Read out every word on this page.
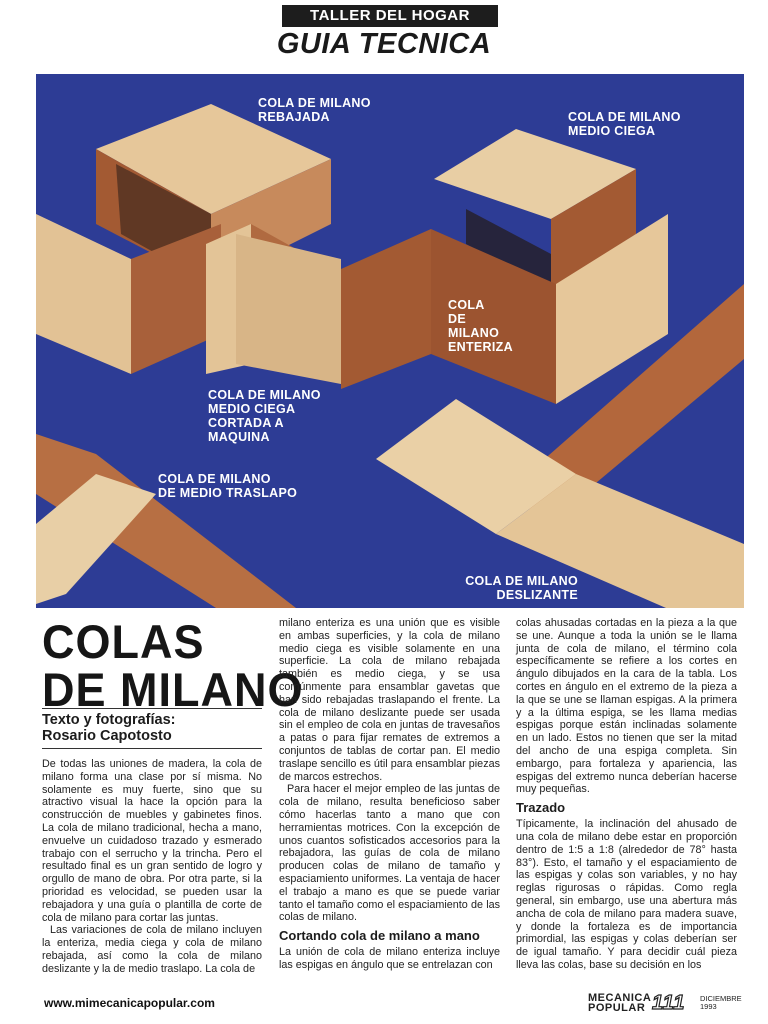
TALLER DEL HOGAR
GUIA TECNICA
COLA DE MILANO
REBAJADA	COLA DE MILANO
MEDIO CIEGA
COLA
DE
MILANO
ENTERIZA
COLA DE MILANO
MEDIO CIEGA
CORTADA A
MAQUINA
COLA DE MILANO
DE MEDIO TRASLAPO
COLA DE MILANO
DESLIZANTE
COLAS
DE MILANO
Texto y fotografías:
Rosario Capotosto

De todas las uniones de madera, la cola de milano forma una clase por sí misma. No solamente es muy fuerte, sino que su atractivo visual la hace la opción para la construcción de muebles y gabinetes finos. La cola de milano tradicional, hecha a mano, envuelve un cuidadoso trazado y esmerado trabajo con el serrucho y la trincha. Pero el resultado final es un gran sentido de logro y orgullo de mano de obra. Por otra parte, si la prioridad es velocidad, se pueden usar la rebajadora y una guía o plantilla de corte de cola de milano para cortar las juntas.

Las variaciones de cola de milano incluyen la enteriza, media ciega y cola de milano rebajada, así como la cola de milano deslizante y la de medio traslapo. La cola de

milano enteriza es una unión que es visible en ambas superficies, y la cola de milano medio ciega es visible solamente en una superficie. La cola de milano rebajada también es medio ciega, y se usa comúnmente para ensamblar gavetas que han sido rebajadas traslapando el frente. La cola de milano deslizante puede ser usada sin el empleo de cola en juntas de travesaños a patas o para fijar remates de extremos a conjuntos de tablas de cortar pan. El medio traslape sencillo es útil para ensamblar piezas de marcos estrechos.

Para hacer el mejor empleo de las juntas de cola de milano, resulta beneficioso saber cómo hacerlas tanto a mano que con herramientas motrices. Con la excepción de unos cuantos sofisticados accesorios para la rebajadora, las guías de cola de milano producen colas de milano de tamaño y espaciamiento uniformes. La ventaja de hacer el trabajo a mano es que se puede variar tanto el tamaño como el espaciamiento de las colas de milano.

Cortando cola de milano a mano

La unión de cola de milano enteriza incluye las espigas en ángulo que se entrelazan con

colas ahusadas cortadas en la pieza a la que se une. Aunque a toda la unión se le llama junta de cola de milano, el término cola específicamente se refiere a los cortes en ángulo dibujados en la cara de la tabla. Los cortes en ángulo en el extremo de la pieza a la que se une se llaman espigas. A la primera y a la última espiga, se les llama medias espigas porque están inclinadas solamente en un lado. Estos no tienen que ser la mitad del ancho de una espiga completa. Sin embargo, para fortaleza y apariencia, las espigas del extremo nunca deberían hacerse muy pequeñas.

Trazado

Típicamente, la inclinación del ahusado de una cola de milano debe estar en proporción dentro de 1:5 a 1:8 (alrededor de 78° hasta 83°). Esto, el tamaño y el espaciamiento de las espigas y colas son variables, y no hay reglas rigurosas o rápidas. Como regla general, sin embargo, use una abertura más ancha de cola de milano para madera suave, y donde la fortaleza es de importancia primordial, las espigas y colas deberían ser de igual tamaño. Y para decidir cuál pieza lleva las colas, base su decisión en los

www.mimecanicapopular.com	MECANICA
POPULAR 111 DICIEMBRE
1993
